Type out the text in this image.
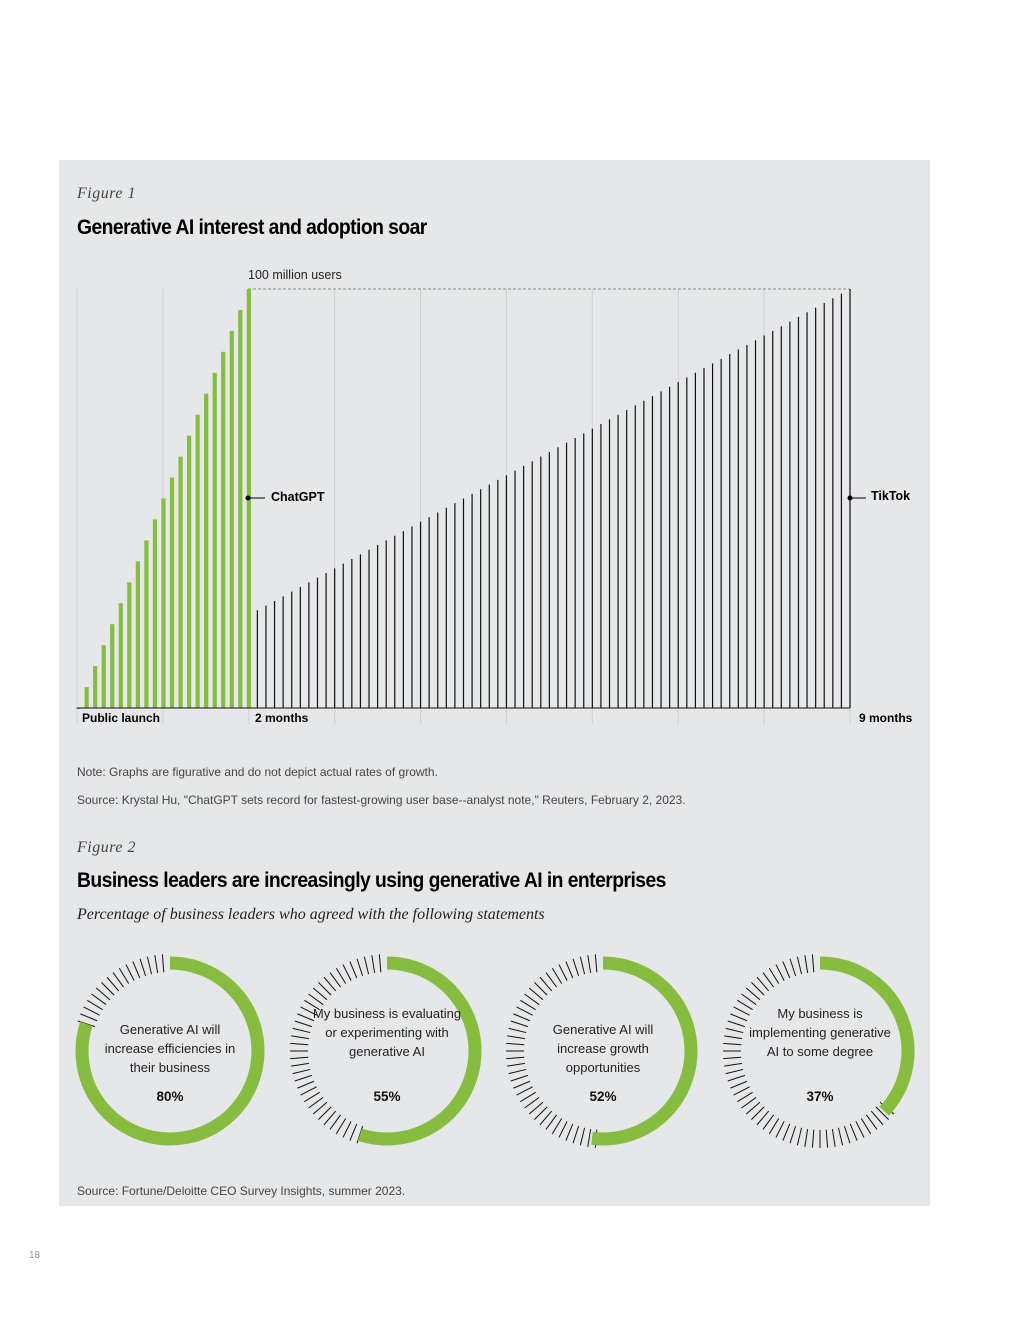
Figure 1
Generative AI interest and adoption soar
100 million users
Public launch	2 months	9 months
ChatGPT	TikTok
Note: Graphs are figurative and do not depict actual rates of growth.
Source: Krystal Hu, "ChatGPT sets record for fastest-growing user base--analyst note," Reuters, February 2, 2023.
Figure 2
Business leaders are increasingly using generative AI in enterprises
Percentage of business leaders who agreed with the following statements
Generative AI will increase efficiencies in their business
My business is evaluating or experimenting with generative AI
Generative AI will increase growth opportunities
My business is implementing generative AI to some degree
80%	55%	52%	37%
Source: Fortune/Deloitte CEO Survey Insights, summer 2023.
18
